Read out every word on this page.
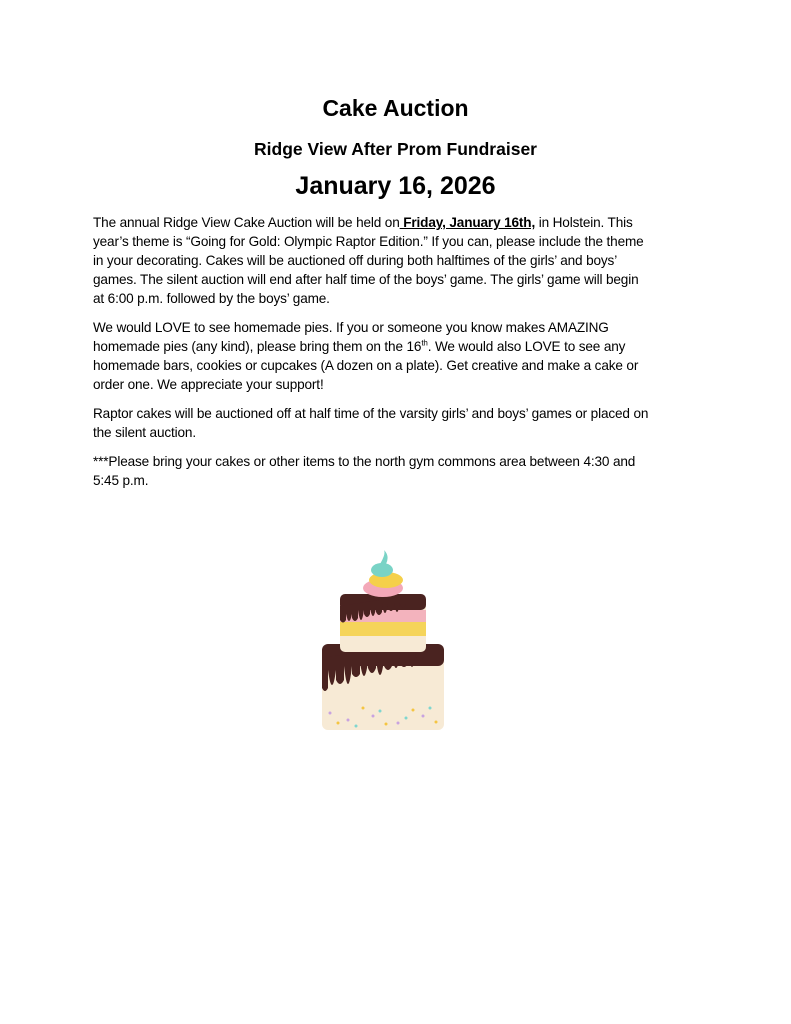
Cake Auction
Ridge View After Prom Fundraiser
January 16, 2026
The annual Ridge View Cake Auction will be held on Friday, January 16th, in Holstein. This
year’s theme is “Going for Gold: Olympic Raptor Edition.” If you can, please include the theme
in your decorating. Cakes will be auctioned off during both halftimes of the girls’ and boys’
games. The silent auction will end after half time of the boys’ game. The girls’ game will begin
at 6:00 p.m. followed by the boys’ game.
We would LOVE to see homemade pies. If you or someone you know makes AMAZING
homemade pies (any kind), please bring them on the 16th. We would also LOVE to see any
homemade bars, cookies or cupcakes (A dozen on a plate). Get creative and make a cake or
order one. We appreciate your support!
Raptor cakes will be auctioned off at half time of the varsity girls’ and boys’ games or placed on
the silent auction.
***Please bring your cakes or other items to the north gym commons area between 4:30 and
5:45 p.m.
